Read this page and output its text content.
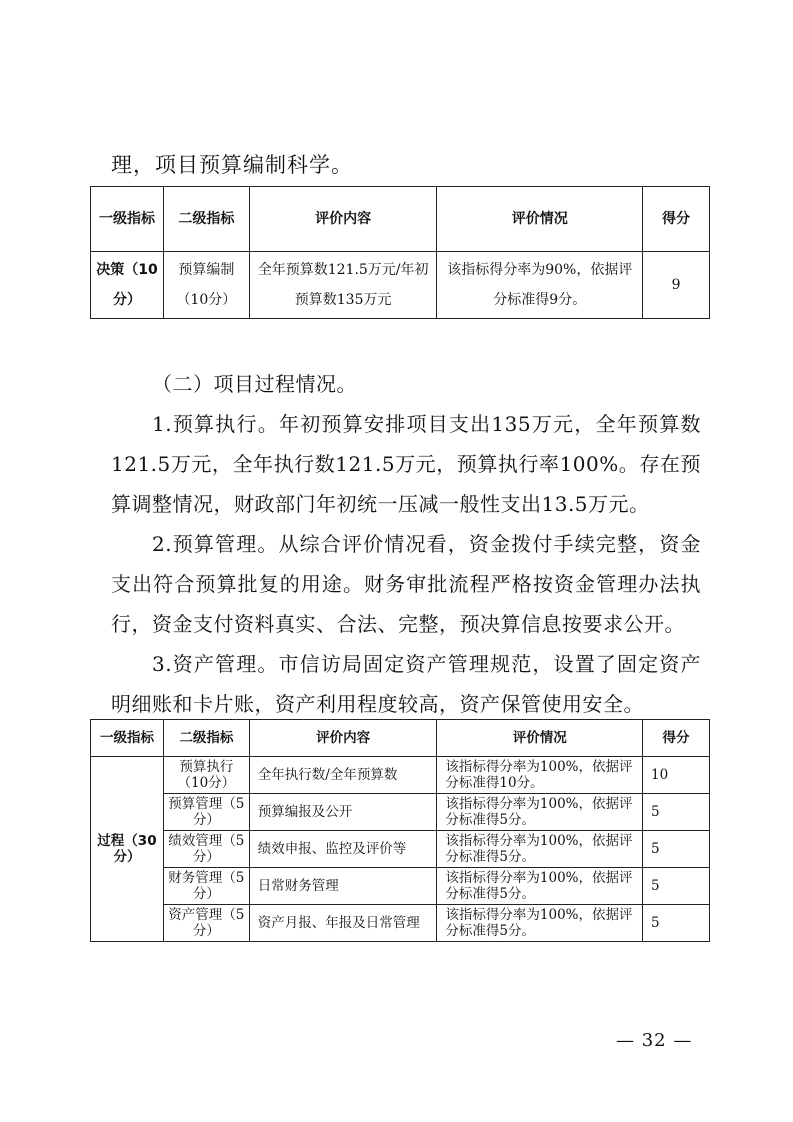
理，项目预算编制科学。
一级指标	二级指标	评价内容	评价情况	得分
决策（10分）	预算编制（10分）	全年预算数121.5万元/年初预算数135万元	该指标得分率为90%，依据评分标准得9分。	9

（二）项目过程情况。

1.预算执行。年初预算安排项目支出135万元，全年预算数121.5万元，全年执行数121.5万元，预算执行率100%。存在预算调整情况，财政部门年初统一压减一般性支出13.5万元。

2.预算管理。从综合评价情况看，资金拨付手续完整，资金支出符合预算批复的用途。财务审批流程严格按资金管理办法执行，资金支付资料真实、合法、完整，预决算信息按要求公开。

3.资产管理。市信访局固定资产管理规范，设置了固定资产明细账和卡片账，资产利用程度较高，资产保管使用安全。

一级指标	二级指标	评价内容	评价情况	得分
过程（30分）	预算执行（10分）	全年执行数/全年预算数	该指标得分率为100%，依据评分标准得10分。	10
	预算管理（5分）	预算编报及公开	该指标得分率为100%，依据评分标准得5分。	5
	绩效管理（5分）	绩效申报、监控及评价等	该指标得分率为100%，依据评分标准得5分。	5
	财务管理（5分）	日常财务管理	该指标得分率为100%，依据评分标准得5分。	5
	资产管理（5分）	资产月报、年报及日常管理	该指标得分率为100%，依据评分标准得5分。	5
— 32 —
